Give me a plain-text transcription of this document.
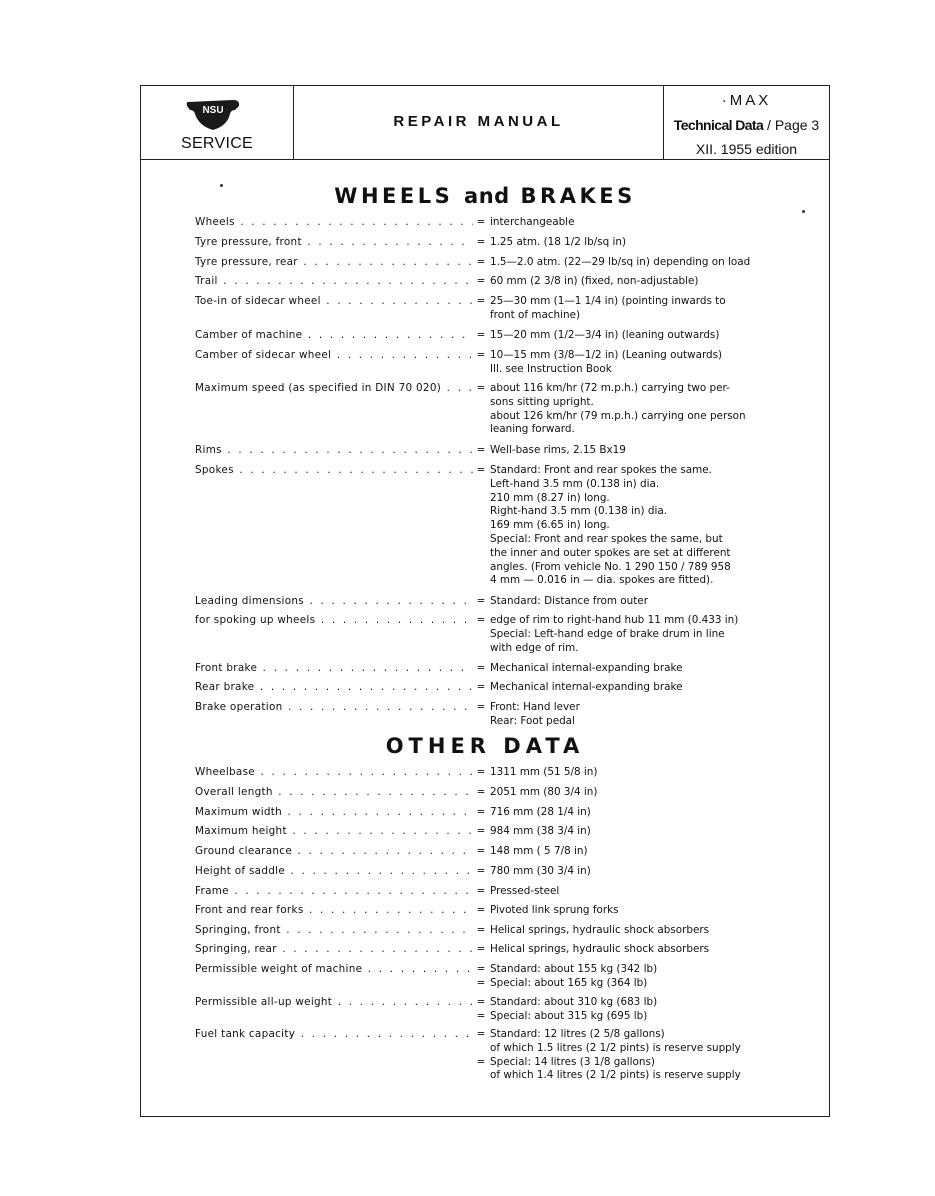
NSU
SERVICE
REPAIR MANUAL
·MAX
Technical Data / Page 3
XII. 1955 edition
WHEELS and BRAKES
OTHER DATA
Wheels . . .	= interchangeable
Tyre pressure, front . . .	= 1.25 atm. (18 1/2 lb/sq in)
Tyre pressure, rear . . .	= 1.5—2.0 atm. (22—29 lb/sq in) depending on load
Trail . . .	= 60 mm (2 3/8 in) (fixed, non-adjustable)
Toe-in of sidecar wheel . . .	= 25—30 mm (1—1 1/4 in) (pointing inwards to
front of machine)
Camber of machine . . .	= 15—20 mm (1/2—3/4 in) (leaning outwards)
Camber of sidecar wheel . . .	= 10—15 mm (3/8—1/2 in) (Leaning outwards)
Ill. see Instruction Book
Maximum speed (as specified in DIN 70 020) . . .	= about 116 km/hr (72 m.p.h.) carrying two per-
sons sitting upright.
about 126 km/hr (79 m.p.h.) carrying one person
leaning forward.
Rims . . .	= Well-base rims, 2.15 Bx19
Spokes . . .	= Standard: Front and rear spokes the same.
Left-hand 3.5 mm (0.138 in) dia.
210 mm (8.27 in) long.
Right-hand 3.5 mm (0.138 in) dia.
169 mm (6.65 in) long.
Special: Front and rear spokes the same, but
the inner and outer spokes are set at different
angles. (From vehicle No. 1 290 150 / 789 958
4 mm — 0.016 in — dia. spokes are fitted).
Leading dimensions . . .	= Standard: Distance from outer
for spoking up wheels . . .	= edge of rim to right-hand hub 11 mm (0.433 in)
Special: Left-hand edge of brake drum in line
with edge of rim.
Front brake . . .	= Mechanical internal-expanding brake
Rear brake . . .	= Mechanical internal-expanding brake
Brake operation . . .	= Front: Hand lever
Rear: Foot pedal
Wheelbase . . .	= 1311 mm (51 5/8 in)
Overall length . . .	= 2051 mm (80 3/4 in)
Maximum width . . .	= 716 mm (28 1/4 in)
Maximum height . . .	= 984 mm (38 3/4 in)
Ground clearance . . .	= 148 mm ( 5 7/8 in)
Height of saddle . . .	= 780 mm (30 3/4 in)
Frame . . .	= Pressed-steel
Front and rear forks . . .	= Pivoted link sprung forks
Springing, front . . .	= Helical springs, hydraulic shock absorbers
Springing, rear . . .	= Helical springs, hydraulic shock absorbers
Permissible weight of machine . . .	= Standard: about 155 kg (342 lb)
= Special: about 165 kg (364 lb)
Permissible all-up weight . . .	= Standard: about 310 kg (683 lb)
= Special: about 315 kg (695 lb)
Fuel tank capacity . . .	= Standard: 12 litres (2 5/8 gallons)
of which 1.5 litres (2 1/2 pints) is reserve supply
= Special: 14 litres (3 1/8 gallons)
of which 1.4 litres (2 1/2 pints) is reserve supply
